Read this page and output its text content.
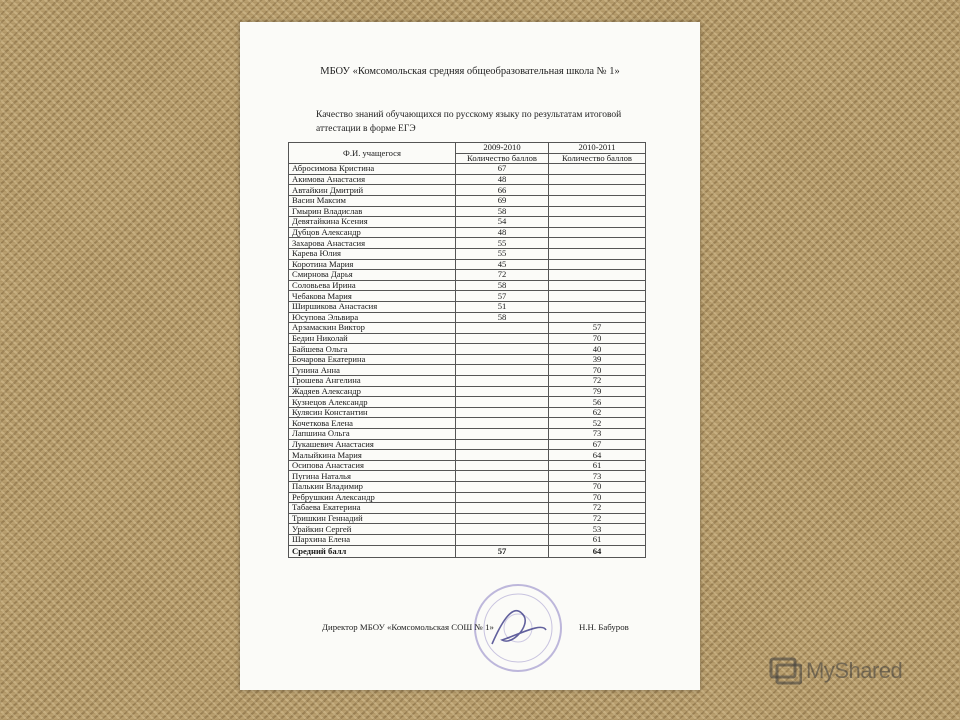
МБОУ «Комсомольская средняя общеобразовательная школа № 1»
Качество знаний обучающихся по русскому языку по результатам итоговой
аттестации в форме ЕГЭ
Ф.И. учащегося	2009-2010	2010-2011
	Количество баллов	Количество баллов
Абросимова Кристина	67	
Акимова Анастасия	48	
Автайкин Дмитрий	66	
Васин Максим	69	
Гмырин Владислав	58	
Девятайкина Ксения	54	
Дубцов Александр	48	
Захарова Анастасия	55	
Карева Юлия	55	
Коротина Мария	45	
Смирнова Дарья	72	
Соловьева Ирина	58	
Чебакова Мария	57	
Ширшикова Анастасия	51	
Юсупова Эльвира	58	
Арзамаскин Виктор		57
Бедин Николай		70
Байшева Ольга		40
Бочарова Екатерина		39
Гунина Анна		70
Грошева Ангелина		72
Жадяев Александр		79
Кузнецов Александр		56
Кулясин Константин		62
Кочеткова Елена		52
Лапшина Ольга		73
Лукашевич Анастасия		67
Малыйкина Мария		64
Осипова Анастасия		61
Пугина Наталья		73
Палькин Владимир		70
Ребрушкин Александр		70
Табаева Екатерина		72
Тришкин Геннадий		72
Урайкин Сергей		53
Шархина Елена		61
Средний балл	57	64
Директор МБОУ «Комсомольская СОШ № 1»	Н.Н. Бабуров
MyShared
